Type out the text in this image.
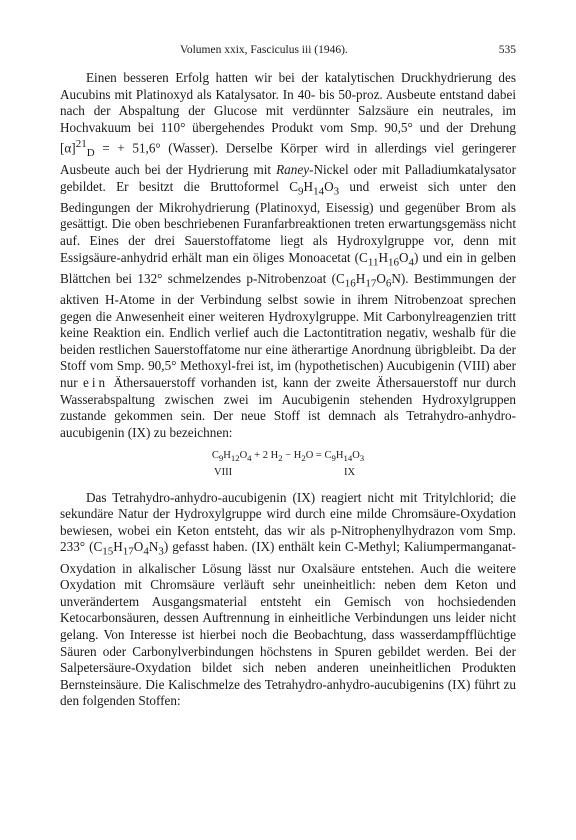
Volumen xxix, Fasciculus iii (1946).	535

Einen besseren Erfolg hatten wir bei der katalytischen Druckhydrierung des Aucubins mit Platinoxyd als Katalysator. In 40- bis 50-proz. Ausbeute entstand dabei nach der Abspaltung der Glucose mit verdünnter Salzsäure ein neutrales, im Hochvakuum bei 110° übergehendes Produkt vom Smp. 90,5° und der Drehung $[\alpha]^{21}_D$ = + 51,6° (Wasser). Derselbe Körper wird in allerdings viel geringerer Ausbeute auch bei der Hydrierung mit Raney-Nickel oder mit Palladiumkatalysator gebildet. Er besitzt die Bruttoformel $C_9H_{14}O_3$ und erweist sich unter den Bedingungen der Mikrohydrierung (Platinoxyd, Eisessig) und gegenüber Brom als gesättigt. Die oben beschriebenen Furanfarbreaktionen treten erwartungsgemäss nicht auf. Eines der drei Sauerstoffatome liegt als Hydroxylgruppe vor, denn mit Essigsäure-anhydrid erhält man ein öliges Monoacetat $(C_{11}H_{16}O_4)$ und ein in gelben Blättchen bei 132° schmelzendes p-Nitrobenzoat $(C_{16}H_{17}O_6N)$. Bestimmungen der aktiven H-Atome in der Verbindung selbst sowie in ihrem Nitrobenzoat sprechen gegen die Anwesenheit einer weiteren Hydroxylgruppe. Mit Carbonylreagenzien tritt keine Reaktion ein. Endlich verlief auch die Lactontitration negativ, weshalb für die beiden restlichen Sauerstoffatome nur eine ätherartige Anordnung übrigbleibt. Da der Stoff vom Smp. 90,5° Methoxyl-frei ist, im (hypothetischen) Aucubigenin (VIII) aber nur ein Äthersauerstoff vorhanden ist, kann der zweite Äthersauerstoff nur durch Wasserabspaltung zwischen zwei im Aucubigenin stehenden Hydroxylgruppen zustande gekommen sein. Der neue Stoff ist demnach als Tetrahydro-anhydro-aucubigenin (IX) zu bezeichnen:

$C_9H_{12}O_4 + 2$ $H_2 - H_2O = C_9H_{14}O_3$
VIII	IX

Das Tetrahydro-anhydro-aucubigenin (IX) reagiert nicht mit Tritylchlorid; die sekundäre Natur der Hydroxylgruppe wird durch eine milde Chromsäure-Oxydation bewiesen, wobei ein Keton entsteht, das wir als p-Nitrophenylhydrazon vom Smp. 233° $(C_{15}H_{17}O_4N_3)$ gefasst haben. (IX) enthält kein C-Methyl; Kaliumpermanganat-Oxydation in alkalischer Lösung lässt nur Oxalsäure entstehen. Auch die weitere Oxydation mit Chromsäure verläuft sehr uneinheitlich: neben dem Keton und unverändertem Ausgangsmaterial entsteht ein Gemisch von hochsiedenden Ketocarbonsäuren, dessen Auftrennung in einheitliche Verbindungen uns leider nicht gelang. Von Interesse ist hierbei noch die Beobachtung, dass wasserdampfflüchtige Säuren oder Carbonylverbindungen höchstens in Spuren gebildet werden. Bei der Salpetersäure-Oxydation bildet sich neben anderen uneinheitlichen Produkten Bernsteinsäure. Die Kalischmelze des Tetrahydro-anhydro-aucubigenins (IX) führt zu den folgenden Stoffen:
